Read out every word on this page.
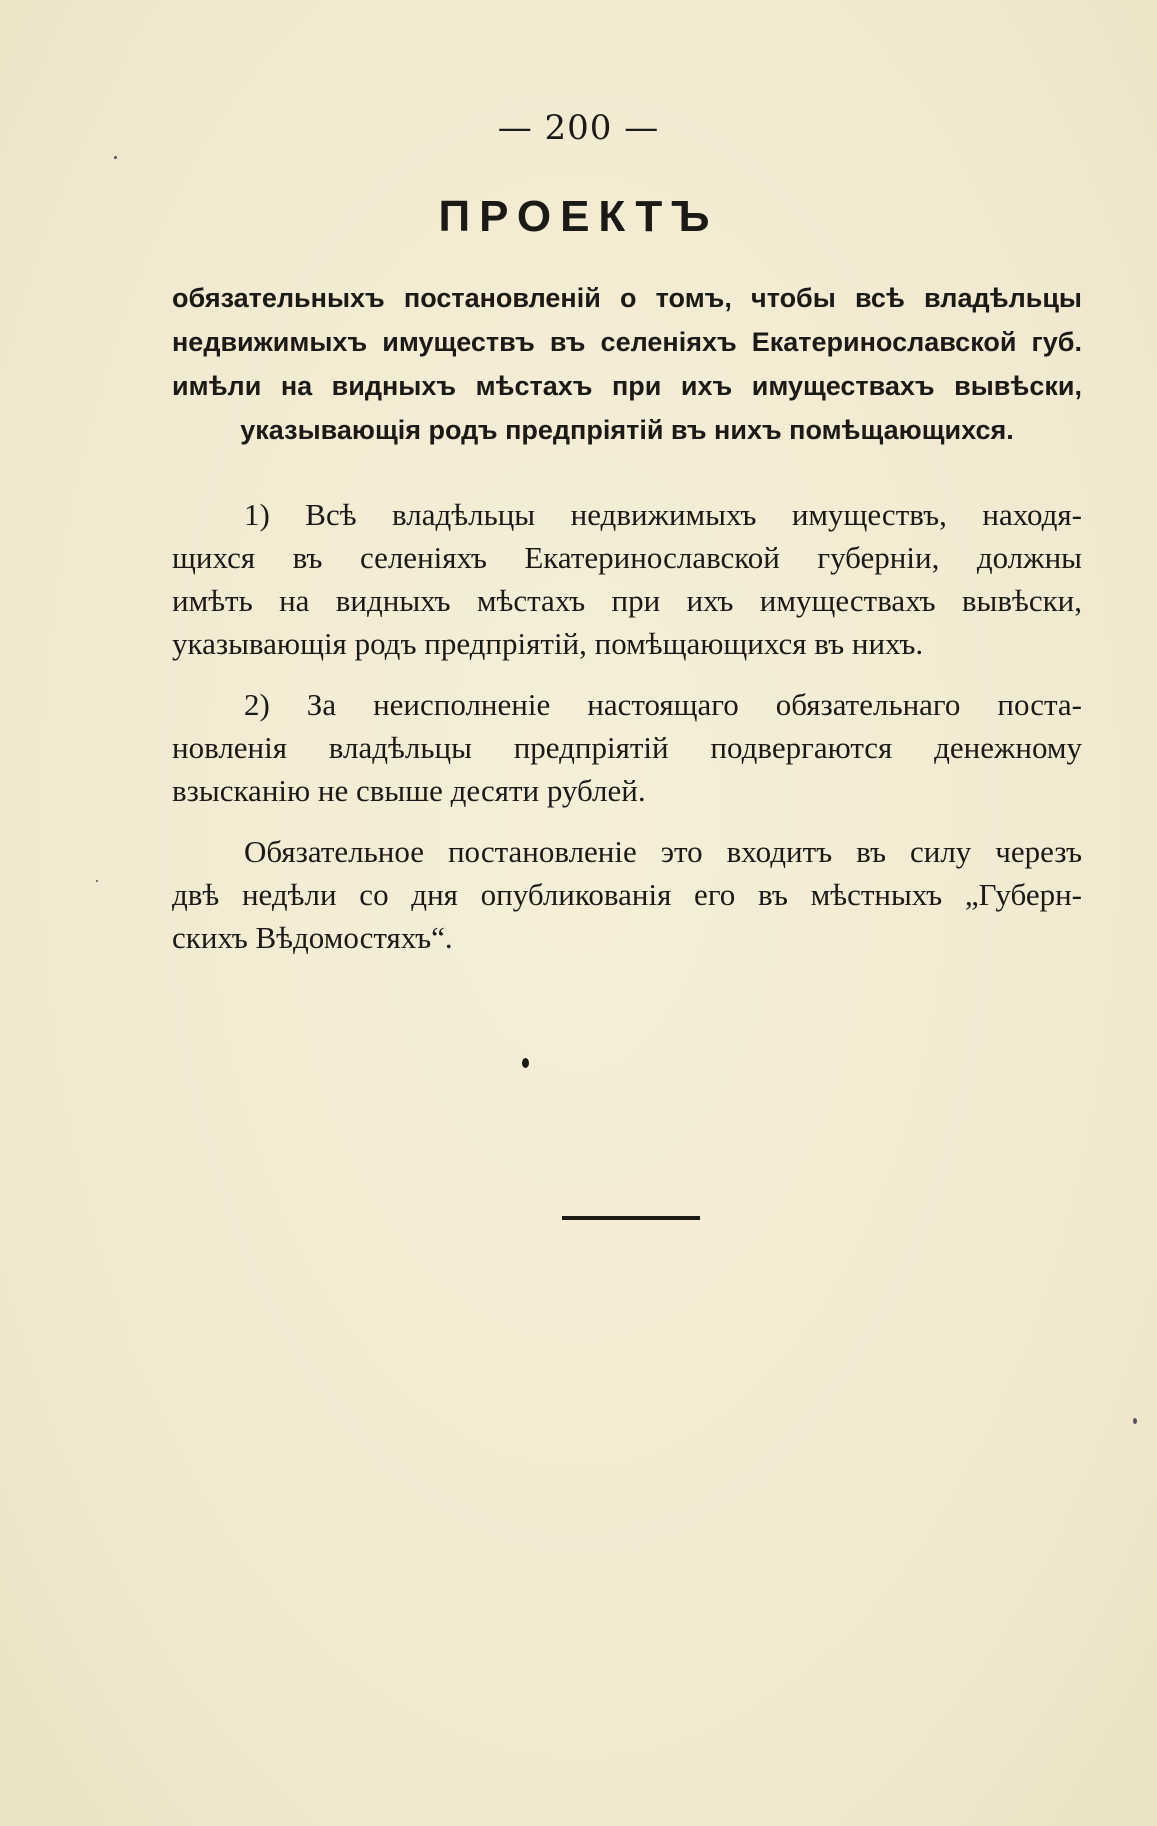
— 200 —
ПРОЕКТЪ
обязательныхъ постановленій о томъ, чтобы всѣ владѣльцы
недвижимыхъ имуществъ въ селеніяхъ Екатеринославской губ.
имѣли на видныхъ мѣстахъ при ихъ имуществахъ вывѣски,
указывающія родъ предпріятій въ нихъ помѣщающихся.
1) Всѣ владѣльцы недвижимыхъ имуществъ, находя-
щихся въ селеніяхъ Екатеринославской губерніи, должны
имѣть на видныхъ мѣстахъ при ихъ имуществахъ вывѣски,
указывающія родъ предпріятій, помѣщающихся въ нихъ.
2) За неисполненіе настоящаго обязательнаго поста-
новленія владѣльцы предпріятій подвергаются денежному
взысканію не свыше десяти рублей.
Обязательное постановленіе это входитъ въ силу черезъ
двѣ недѣли со дня опубликованія его въ мѣстныхъ „Губерн-
скихъ Вѣдомостяхъ“.
